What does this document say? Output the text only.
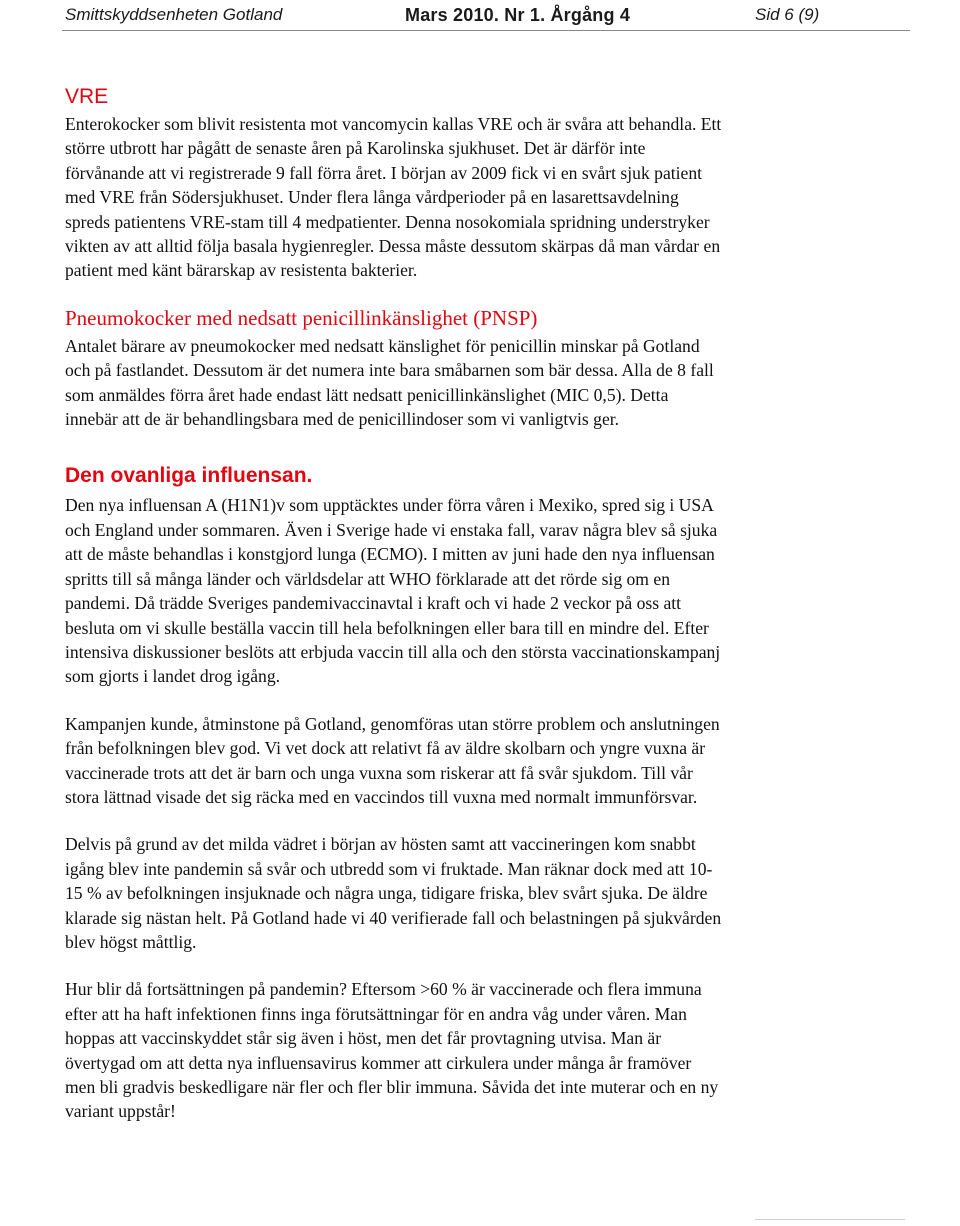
Smittskyddsenheten Gotland	Mars 2010. Nr 1. Årgång 4	Sid 6 (9)
VRE

Enterokocker som blivit resistenta mot vancomycin kallas VRE och är svåra att behandla. Ett
större utbrott har pågått de senaste åren på Karolinska sjukhuset. Det är därför inte
förvånande att vi registrerade 9 fall förra året. I början av 2009 fick vi en svårt sjuk patient
med VRE från Södersjukhuset. Under flera långa vårdperioder på en lasarettsavdelning
spreds patientens VRE-stam till 4 medpatienter. Denna nosokomiala spridning understryker
vikten av att alltid följa basala hygienregler. Dessa måste dessutom skärpas då man vårdar en
patient med känt bärarskap av resistenta bakterier.

Pneumokocker med nedsatt penicillinkänslighet (PNSP)

Antalet bärare av pneumokocker med nedsatt känslighet för penicillin minskar på Gotland
och på fastlandet. Dessutom är det numera inte bara småbarnen som bär dessa. Alla de 8 fall
som anmäldes förra året hade endast lätt nedsatt penicillinkänslighet (MIC 0,5). Detta
innebär att de är behandlingsbara med de penicillindoser som vi vanligtvis ger.

Den ovanliga influensan.

Den nya influensan A (H1N1)v som upptäcktes under förra våren i Mexiko, spred sig i USA
och England under sommaren. Även i Sverige hade vi enstaka fall, varav några blev så sjuka
att de måste behandlas i konstgjord lunga (ECMO). I mitten av juni hade den nya influensan
spritts till så många länder och världsdelar att WHO förklarade att det rörde sig om en
pandemi. Då trädde Sveriges pandemivaccinavtal i kraft och vi hade 2 veckor på oss att
besluta om vi skulle beställa vaccin till hela befolkningen eller bara till en mindre del. Efter
intensiva diskussioner beslöts att erbjuda vaccin till alla och den största vaccinationskampanj
som gjorts i landet drog igång.

Kampanjen kunde, åtminstone på Gotland, genomföras utan större problem och anslutningen
från befolkningen blev god. Vi vet dock att relativt få av äldre skolbarn och yngre vuxna är
vaccinerade trots att det är barn och unga vuxna som riskerar att få svår sjukdom. Till vår
stora lättnad visade det sig räcka med en vaccindos till vuxna med normalt immunförsvar.

Delvis på grund av det milda vädret i början av hösten samt att vaccineringen kom snabbt
igång blev inte pandemin så svår och utbredd som vi fruktade. Man räknar dock med att 10-
15 % av befolkningen insjuknade och några unga, tidigare friska, blev svårt sjuka. De äldre
klarade sig nästan helt. På Gotland hade vi 40 verifierade fall och belastningen på sjukvården
blev högst måttlig.

Hur blir då fortsättningen på pandemin? Eftersom >60 % är vaccinerade och flera immuna
efter att ha haft infektionen finns inga förutsättningar för en andra våg under våren. Man
hoppas att vaccinskyddet står sig även i höst, men det får provtagning utvisa. Man är
övertygad om att detta nya influensavirus kommer att cirkulera under många år framöver
men bli gradvis beskedligare när fler och fler blir immuna. Såvida det inte muterar och en ny
variant uppstår!
